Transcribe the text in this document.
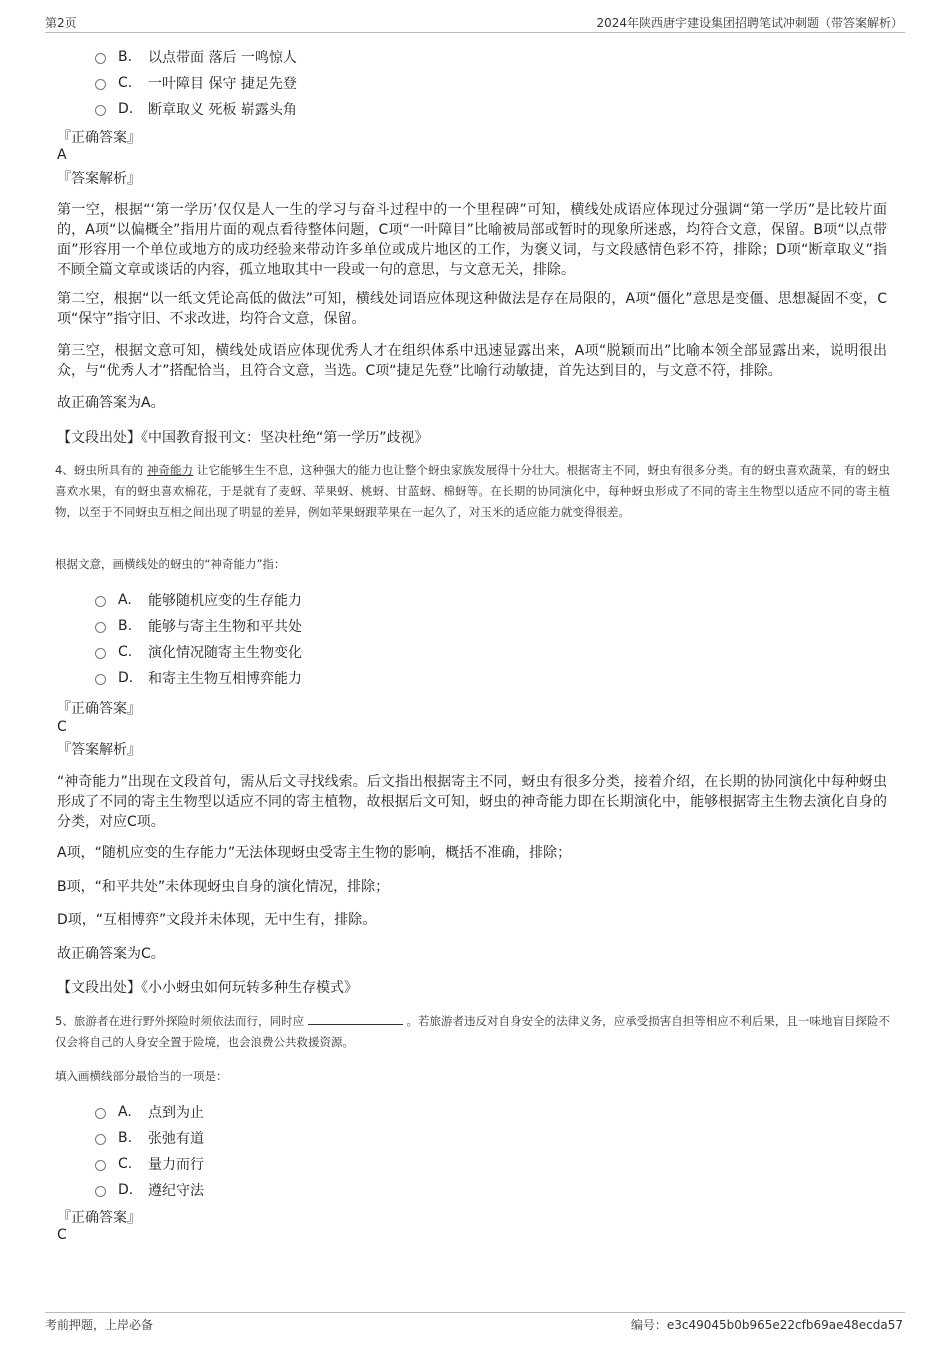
第2页	2024年陕西唐宇建设集团招聘笔试冲刺题（带答案解析）
B.	以点带面 落后 一鸣惊人
C.	一叶障目 保守 捷足先登
D.	断章取义 死板 崭露头角
『正确答案』
A
『答案解析』

第一空，根据“‘第一学历’仅仅是人一生的学习与奋斗过程中的一个里程碑”可知，横线处成语应体现过分强调“第一学历”是比较片面的，A项“以偏概全”指用片面的观点看待整体问题，C项“一叶障目”比喻被局部或暂时的现象所迷惑，均符合文意，保留。B项“以点带面”形容用一个单位或地方的成功经验来带动许多单位或成片地区的工作，为褒义词，与文段感情色彩不符，排除；D项“断章取义”指不顾全篇文章或谈话的内容，孤立地取其中一段或一句的意思，与文意无关，排除。

第二空，根据“以一纸文凭论高低的做法”可知，横线处词语应体现这种做法是存在局限的，A项“僵化”意思是变僵、思想凝固不变，C项“保守”指守旧、不求改进，均符合文意，保留。

第三空，根据文意可知，横线处成语应体现优秀人才在组织体系中迅速显露出来，A项“脱颖而出”比喻本领全部显露出来，说明很出众，与“优秀人才”搭配恰当，且符合文意，当选。C项“捷足先登”比喻行动敏捷，首先达到目的，与文意不符，排除。

故正确答案为A。

【文段出处】《中国教育报刊文：坚决杜绝“第一学历”歧视》

4、蚜虫所具有的 神奇能力 让它能够生生不息，这种强大的能力也让整个蚜虫家族发展得十分壮大。根据寄主不同，蚜虫有很多分类。有的蚜虫喜欢蔬菜，有的蚜虫喜欢水果，有的蚜虫喜欢棉花，于是就有了麦蚜、苹果蚜、桃蚜、甘蓝蚜、棉蚜等。在长期的协同演化中，每种蚜虫形成了不同的寄主生物型以适应不同的寄主植物，以至于不同蚜虫互相之间出现了明显的差异，例如苹果蚜跟苹果在一起久了，对玉米的适应能力就变得很差。

根据文意，画横线处的蚜虫的“神奇能力”指：

A.	能够随机应变的生存能力
B.	能够与寄主生物和平共处
C.	演化情况随寄主生物变化
D.	和寄主生物互相博弈能力
『正确答案』
C
『答案解析』

“神奇能力”出现在文段首句，需从后文寻找线索。后文指出根据寄主不同，蚜虫有很多分类，接着介绍，在长期的协同演化中每种蚜虫形成了不同的寄主生物型以适应不同的寄主植物，故根据后文可知，蚜虫的神奇能力即在长期演化中，能够根据寄主生物去演化自身的分类，对应C项。

A项，“随机应变的生存能力”无法体现蚜虫受寄主生物的影响，概括不准确，排除；

B项，“和平共处”未体现蚜虫自身的演化情况，排除；

D项，“互相博弈”文段并未体现，无中生有，排除。

故正确答案为C。

【文段出处】《小小蚜虫如何玩转多种生存模式》

5、旅游者在进行野外探险时须依法而行，同时应	。若旅游者违反对自身安全的法律义务，应承受损害自担等相应不利后果，且一味地盲目探险不仅会将自己的人身安全置于险境，也会浪费公共救援资源。

填入画横线部分最恰当的一项是：

A.	点到为止
B.	张弛有道
C.	量力而行
D.	遵纪守法
『正确答案』
C
考前押题，上岸必备	编号：e3c49045b0b965e22cfb69ae48ecda57
